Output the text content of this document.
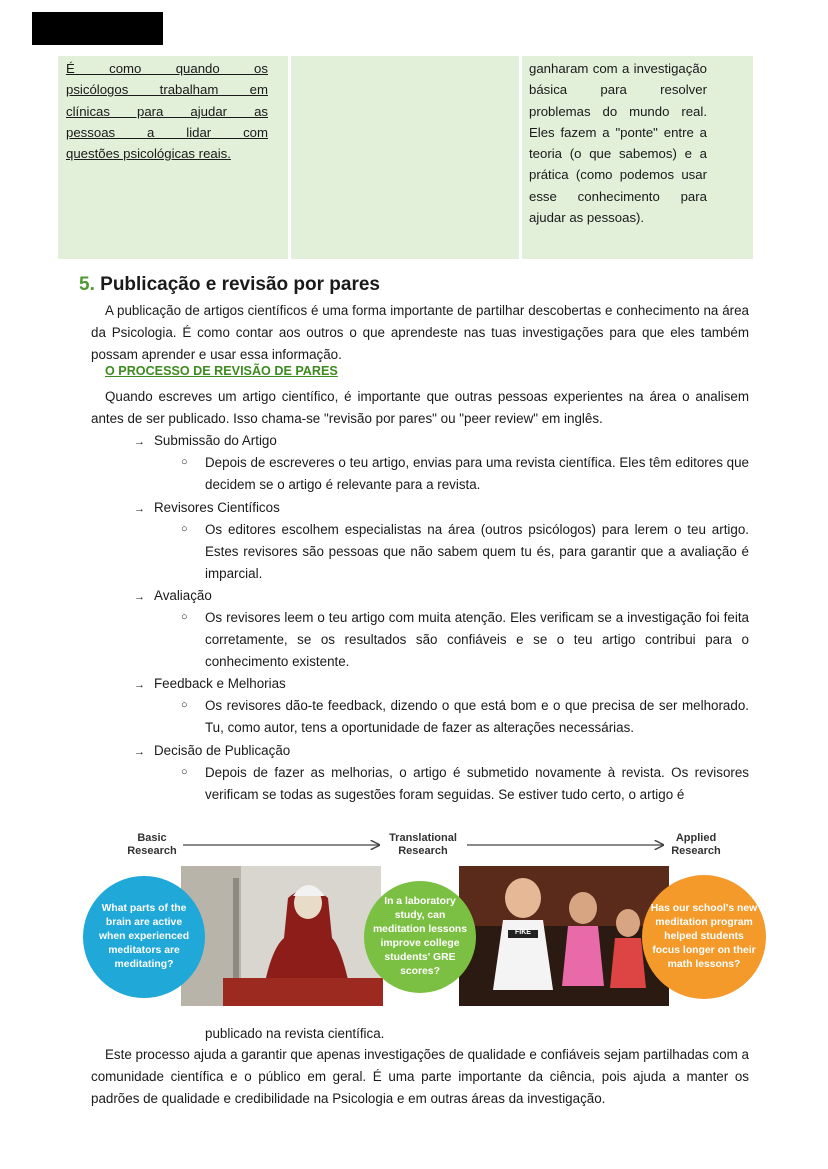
É como quando os
psicólogos trabalham em
clínicas para ajudar as
pessoas a lidar com

questões psicológicas reais.
ganharam com a investigação básica para resolver problemas do mundo real. Eles fazem a "ponte" entre a teoria (o que sabemos) e a prática (como podemos usar esse conhecimento para ajudar as pessoas).
5. Publicação e revisão por pares

A publicação de artigos científicos é uma forma importante de partilhar descobertas e conhecimento na área da Psicologia. É como contar aos outros o que aprendeste nas tuas investigações para que eles também possam aprender e usar essa informação.

O PROCESSO DE REVISÃO DE PARES

Quando escreves um artigo científico, é importante que outras pessoas experientes na área o analisem antes de ser publicado. Isso chama-se "revisão por pares" ou "peer review" em inglês.

→ Submissão do Artigo
○ Depois de escreveres o teu artigo, envias para uma revista científica. Eles têm editores que decidem se o artigo é relevante para a revista.
→ Revisores Científicos
○ Os editores escolhem especialistas na área (outros psicólogos) para lerem o teu artigo. Estes revisores são pessoas que não sabem quem tu és, para garantir que a avaliação é imparcial.
→ Avaliação
○ Os revisores leem o teu artigo com muita atenção. Eles verificam se a investigação foi feita corretamente, se os resultados são confiáveis e se o teu artigo contribui para o conhecimento existente.
→ Feedback e Melhorias
○ Os revisores dão-te feedback, dizendo o que está bom e o que precisa de ser melhorado. Tu, como autor, tens a oportunidade de fazer as alterações necessárias.
→ Decisão de Publicação
○ Depois de fazer as melhorias, o artigo é submetido novamente à revista. Os revisores verificam se todas as sugestões foram seguidas. Se estiver tudo certo, o artigo é
Basic Research
Translational Research
Applied Research
What parts of the brain are active when experienced meditators are meditating?
In a laboratory study, can meditation lessons improve college students' GRE scores?
Has our school's new meditation program helped students focus longer on their math lessons?
FIKE
publicado na revista científica.

Este processo ajuda a garantir que apenas investigações de qualidade e confiáveis sejam partilhadas com a comunidade científica e o público em geral. É uma parte importante da ciência, pois ajuda a manter os padrões de qualidade e credibilidade na Psicologia e em outras áreas da investigação.
